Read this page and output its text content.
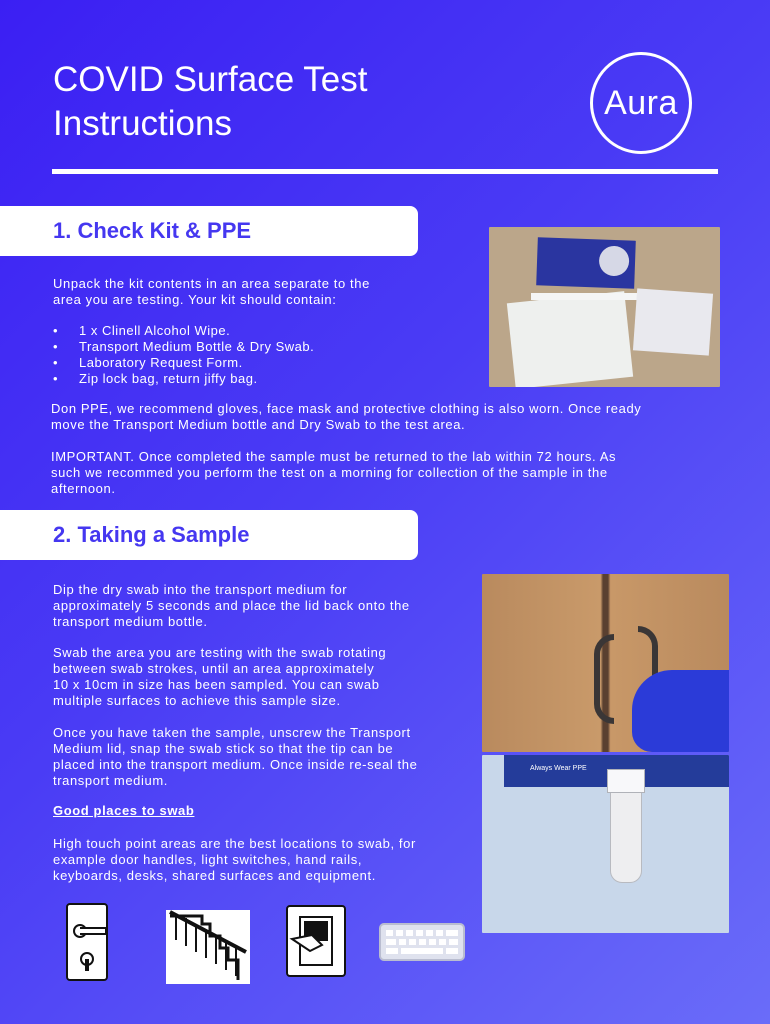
COVID Surface Test
Instructions
Aura
1. Check Kit & PPE

Unpack the kit contents in an area separate to the

area you are testing. Your kit should contain:

• 1 x Clinell Alcohol Wipe.
• Transport Medium Bottle & Dry Swab.
• Laboratory Request Form.
• Zip lock bag, return jiffy bag.

Don PPE, we recommend gloves, face mask and protective clothing is also worn. Once ready

move the Transport Medium bottle and Dry Swab to the test area.

IMPORTANT. Once completed the sample must be returned to the lab within 72 hours. As

such we recommed you perform the test on a morning for collection of the sample in the

afternoon.

2. Taking a Sample

Dip the dry swab into the transport medium for

approximately 5 seconds and place the lid back onto the

transport medium bottle.

Swab the area you are testing with the swab rotating

between swab strokes, until an area approximately

10 x 10cm in size has been sampled. You can swab

multiple surfaces to achieve this sample size.

Once you have taken the sample, unscrew the Transport

Medium lid, snap the swab stick so that the tip can be

placed into the transport medium. Once inside re-seal the

transport medium.

Good places to swab

High touch point areas are the best locations to swab, for

example door handles, light switches, hand rails,

keyboards, desks, shared surfaces and equipment.

Always Wear PPE
